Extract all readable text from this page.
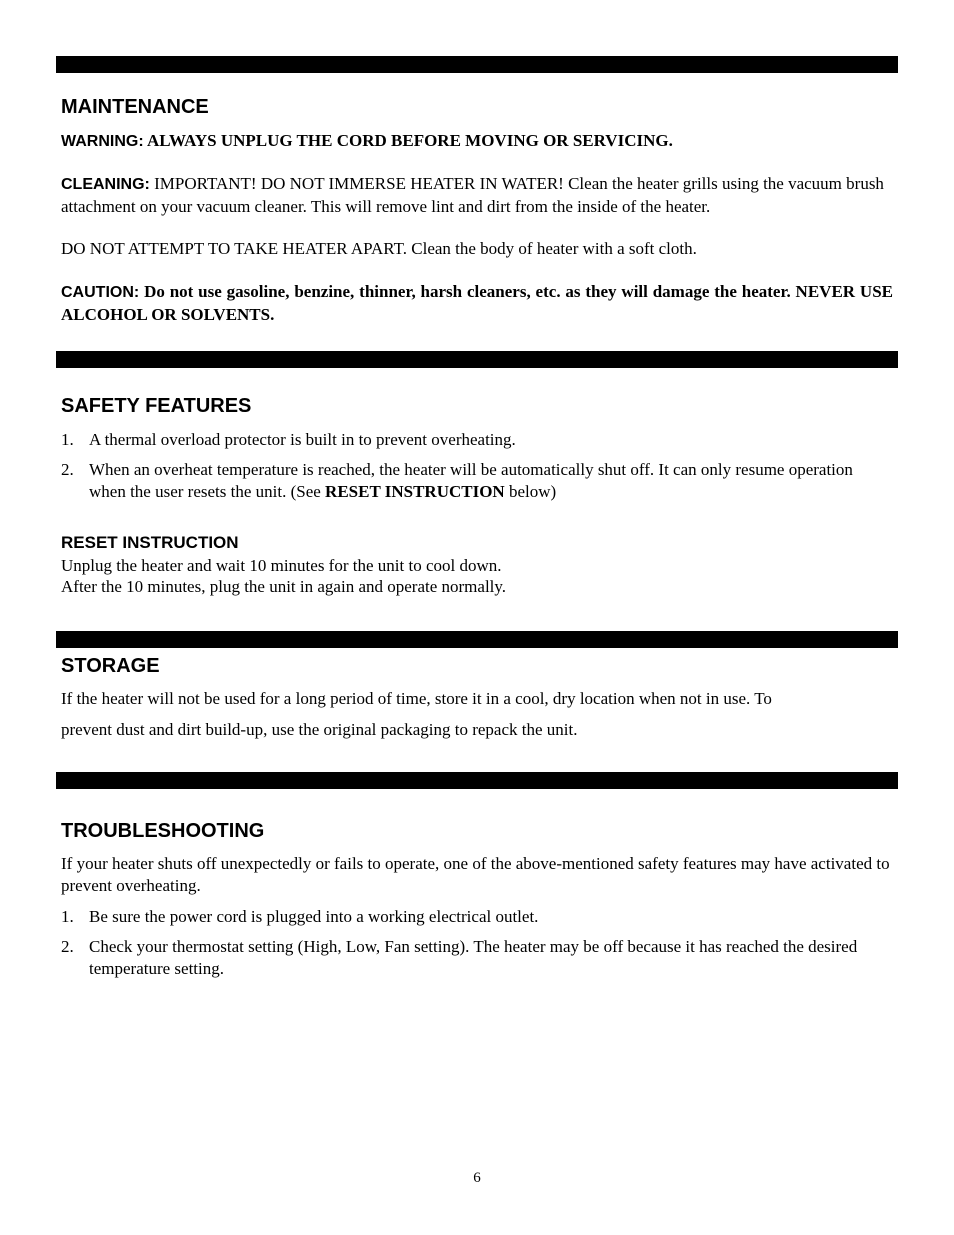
MAINTENANCE

WARNING: ALWAYS UNPLUG THE CORD BEFORE MOVING OR SERVICING.

CLEANING: IMPORTANT! DO NOT IMMERSE HEATER IN WATER! Clean the heater grills using the vacuum brush attachment on your vacuum cleaner. This will remove lint and dirt from the inside of the heater.

DO NOT ATTEMPT TO TAKE HEATER APART. Clean the body of heater with a soft cloth.

CAUTION: Do not use gasoline, benzine, thinner, harsh cleaners, etc. as they will damage the heater. NEVER USE ALCOHOL OR SOLVENTS.

SAFETY FEATURES
1. A thermal overload protector is built in to prevent overheating.
2. When an overheat temperature is reached, the heater will be automatically shut off. It can only resume operation when the user resets the unit. (See RESET INSTRUCTION below)
RESET INSTRUCTION

Unplug the heater and wait 10 minutes for the unit to cool down.

After the 10 minutes, plug the unit in again and operate normally.

STORAGE

If the heater will not be used for a long period of time, store it in a cool, dry location when not in use. To

prevent dust and dirt build-up, use the original packaging to repack the unit.

TROUBLESHOOTING

If your heater shuts off unexpectedly or fails to operate, one of the above-mentioned safety features may have activated to prevent overheating.

1. Be sure the power cord is plugged into a working electrical outlet.
2. Check your thermostat setting (High, Low, Fan setting). The heater may be off because it has reached the desired temperature setting.
6
